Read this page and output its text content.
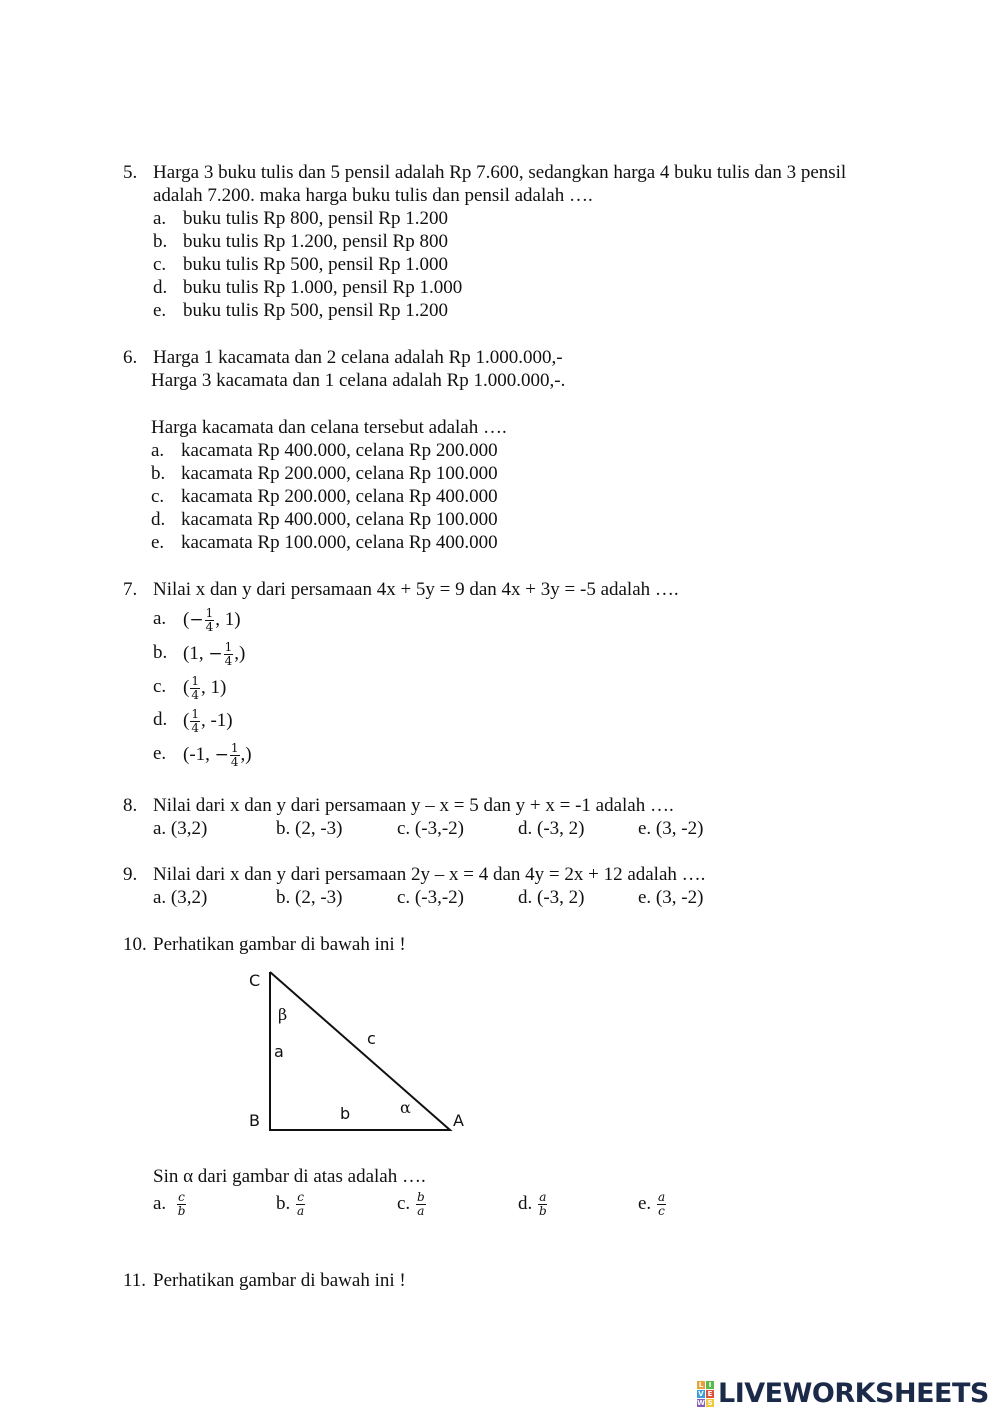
5. Harga 3 buku tulis dan 5 pensil adalah Rp 7.600, sedangkan harga 4 buku tulis dan 3 pensil
adalah 7.200. maka harga buku tulis dan pensil adalah ….
a. buku tulis Rp 800, pensil Rp 1.200
b. buku tulis Rp 1.200, pensil Rp 800
c. buku tulis Rp 500, pensil Rp 1.000
d. buku tulis Rp 1.000, pensil Rp 1.000
e. buku tulis Rp 500, pensil Rp 1.200
6. Harga 1 kacamata dan 2 celana adalah Rp 1.000.000,-
Harga 3 kacamata dan 1 celana adalah Rp 1.000.000,-.
Harga kacamata dan celana tersebut adalah ….
a. kacamata Rp 400.000, celana Rp 200.000
b. kacamata Rp 200.000, celana Rp 100.000
c. kacamata Rp 200.000, celana Rp 400.000
d. kacamata Rp 400.000, celana Rp 100.000
e. kacamata Rp 100.000, celana Rp 400.000
7. Nilai x dan y dari persamaan 4x + 5y = 9 dan 4x + 3y = -5 adalah ….
a. (− $\frac{1}{4}$ , 1)
b. (1, − $\frac{1}{4}$ ,)
c. ( $\frac{1}{4}$ , 1)
d. ( $\frac{1}{4}$ , -1)
e. (-1, − $\frac{1}{4}$ ,)
8. Nilai dari x dan y dari persamaan y – x = 5 dan y + x = -1 adalah ….
a. (3,2)	b. (2, -3)	c. (-3,-2)	d. (-3, 2)	e. (3, -2)
9. Nilai dari x dan y dari persamaan 2y – x = 4 dan 4y = 2x + 12 adalah ….
a. (3,2)	b. (2, -3)	c. (-3,-2)	d. (-3, 2)	e. (3, -2)
10. Perhatikan gambar di bawah ini !
C
B	A
a
b
c
α
β
Sin α dari gambar di atas adalah ….
a. $\frac{c}{b}$	b. $\frac{c}{a}$	c. $\frac{b}{a}$	d. $\frac{a}{b}$	e. $\frac{a}{c}$
11. Perhatikan gambar di bawah ini !
L I
V E
W S LIVEWORKSHEETS
